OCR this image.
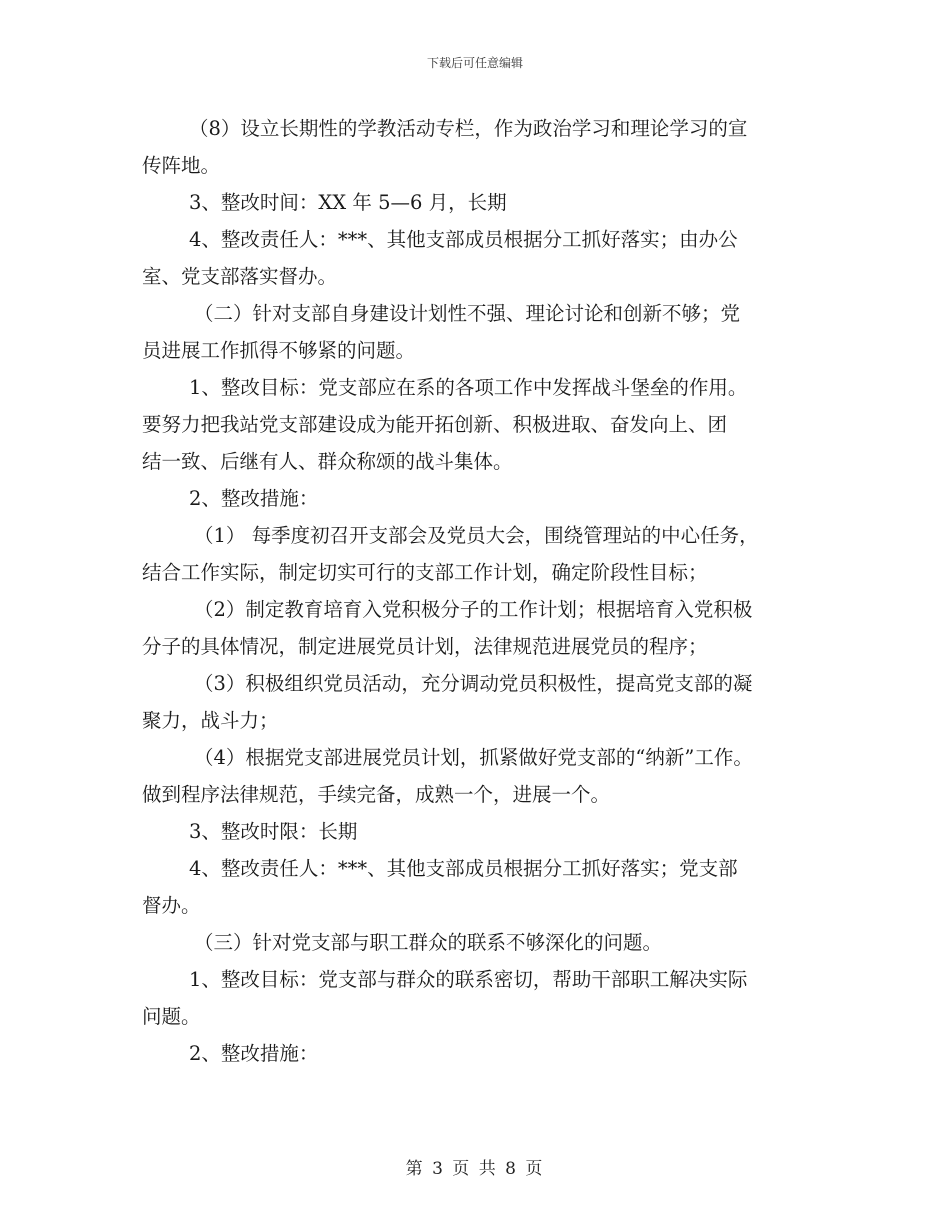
下载后可任意编辑

（8）设立长期性的学教活动专栏，作为政治学习和理论学习的宣

传阵地。

3、整改时间：XX 年 5—6 月，长期

4、整改责任人：***、其他支部成员根据分工抓好落实；由办公

室、党支部落实督办。

（二）针对支部自身建设计划性不强、理论讨论和创新不够；党

员进展工作抓得不够紧的问题。

1、整改目标：党支部应在系的各项工作中发挥战斗堡垒的作用。

要努力把我站党支部建设成为能开拓创新、积极进取、奋发向上、团

结一致、后继有人、群众称颂的战斗集体。

2、整改措施：

（1） 每季度初召开支部会及党员大会，围绕管理站的中心任务，

结合工作实际，制定切实可行的支部工作计划，确定阶段性目标；

（2）制定教育培育入党积极分子的工作计划；根据培育入党积极

分子的具体情况，制定进展党员计划，法律规范进展党员的程序；

（3）积极组织党员活动，充分调动党员积极性，提高党支部的凝

聚力，战斗力；

（4）根据党支部进展党员计划，抓紧做好党支部的“纳新”工作。

做到程序法律规范，手续完备，成熟一个，进展一个。

3、整改时限：长期

4、整改责任人：***、其他支部成员根据分工抓好落实；党支部

督办。

（三）针对党支部与职工群众的联系不够深化的问题。

1、整改目标：党支部与群众的联系密切，帮助干部职工解决实际

问题。

2、整改措施：

第 3 页 共 8 页
